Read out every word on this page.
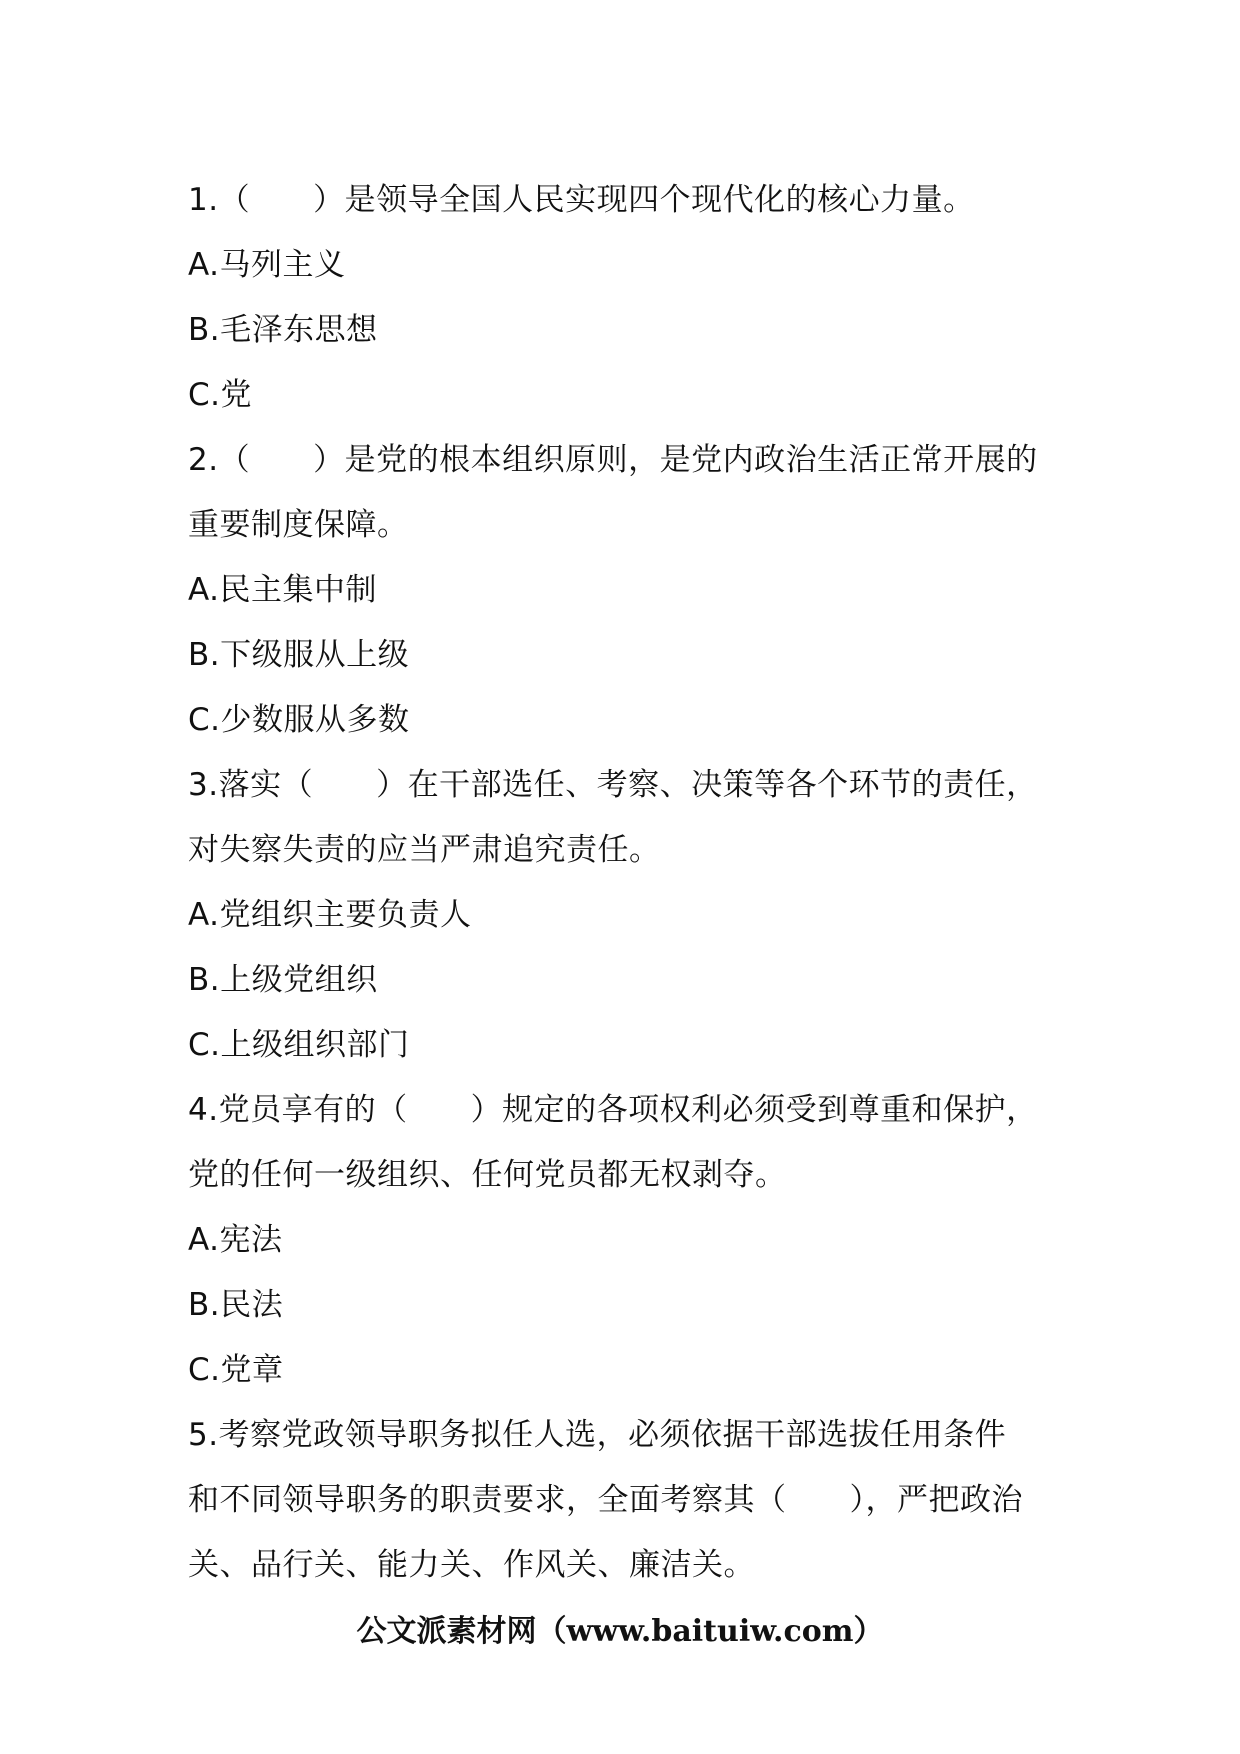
1.（　　）是领导全国人民实现四个现代化的核心力量。
A.马列主义
B.毛泽东思想
C.党
2.（　　）是党的根本组织原则，是党内政治生活正常开展的
重要制度保障。
A.民主集中制
B.下级服从上级
C.少数服从多数
3.落实（　　）在干部选任、考察、决策等各个环节的责任，
对失察失责的应当严肃追究责任。
A.党组织主要负责人
B.上级党组织
C.上级组织部门
4.党员享有的（　　）规定的各项权利必须受到尊重和保护，
党的任何一级组织、任何党员都无权剥夺。
A.宪法
B.民法
C.党章
5.考察党政领导职务拟任人选，必须依据干部选拔任用条件
和不同领导职务的职责要求，全面考察其（　　），严把政治
关、品行关、能力关、作风关、廉洁关。
公文派素材网（www.baituiw.com）
